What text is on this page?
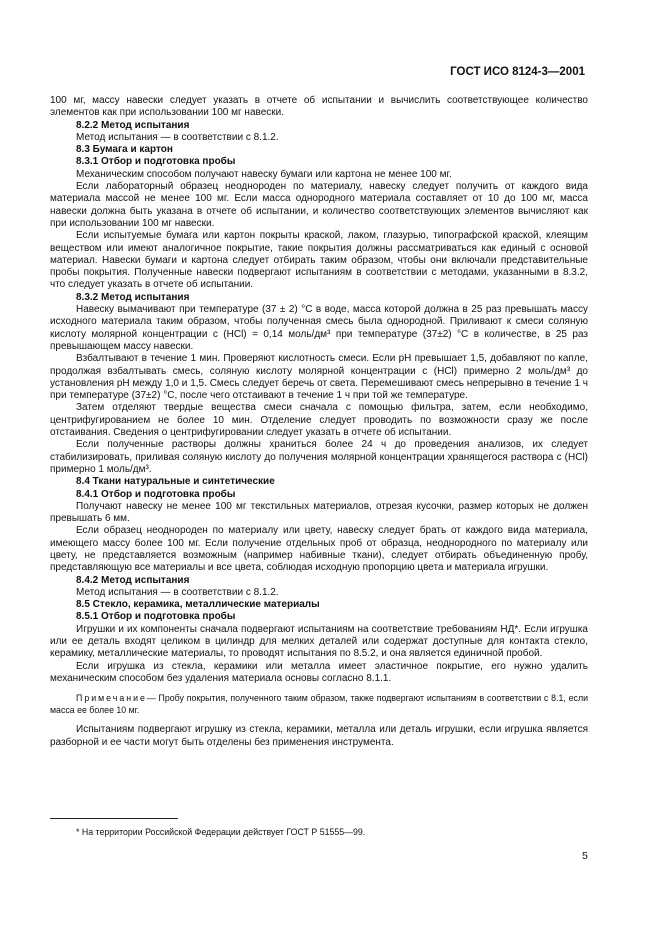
ГОСТ ИСО 8124-3—2001

100 мг, массу навески следует указать в отчете об испытании и вычислить соответствующее количество элементов как при использовании 100 мг навески.

8.2.2 Метод испытания

Метод испытания — в соответствии с 8.1.2.

8.3 Бумага и картон

8.3.1 Отбор и подготовка пробы

Механическим способом получают навеску бумаги или картона не менее 100 мг.

Если лабораторный образец неоднороден по материалу, навеску следует получить от каждого вида материала массой не менее 100 мг. Если масса однородного материала составляет от 10 до 100 мг, масса навески должна быть указана в отчете об испытании, и количество соответствующих элементов вычисляют как при использовании 100 мг навески.

Если испытуемые бумага или картон покрыты краской, лаком, глазурью, типографской краской, клеящим веществом или имеют аналогичное покрытие, такие покрытия должны рассматриваться как единый с основой материал. Навески бумаги и картона следует отбирать таким образом, чтобы они включали представительные пробы покрытия. Полученные навески подвергают испытаниям в соответствии с методами, указанными в 8.3.2, что следует указать в отчете об испытании.

8.3.2 Метод испытания

Навеску вымачивают при температуре (37 ± 2) °С в воде, масса которой должна в 25 раз превышать массу исходного материала таким образом, чтобы полученная смесь была однородной. Приливают к смеси соляную кислоту молярной концентрации с (HCl) = 0,14 моль/дм³ при температуре (37±2) °С в количестве, в 25 раз превышающем массу навески.

Взбалтывают в течение 1 мин. Проверяют кислотность смеси. Если рН превышает 1,5, добавляют по капле, продолжая взбалтывать смесь, соляную кислоту молярной концентрации с (HCl) примерно 2 моль/дм³ до установления рН между 1,0 и 1,5. Смесь следует беречь от света. Перемешивают смесь непрерывно в течение 1 ч при температуре (37±2) °С, после чего отстаивают в течение 1 ч при той же температуре.

Затем отделяют твердые вещества смеси сначала с помощью фильтра, затем, если необходимо, центрифугированием не более 10 мин. Отделение следует проводить по возможности сразу же после отстаивания. Сведения о центрифугировании следует указать в отчете об испытании.

Если полученные растворы должны храниться более 24 ч до проведения анализов, их следует стабилизировать, приливая соляную кислоту до получения молярной концентрации хранящегося раствора с (HCl) примерно 1 моль/дм³.

8.4 Ткани натуральные и синтетические

8.4.1 Отбор и подготовка пробы

Получают навеску не менее 100 мг текстильных материалов, отрезая кусочки, размер которых не должен превышать 6 мм.

Если образец неоднороден по материалу или цвету, навеску следует брать от каждого вида материала, имеющего массу более 100 мг. Если получение отдельных проб от образца, неоднородного по материалу или цвету, не представляется возможным (например набивные ткани), следует отбирать объединенную пробу, представляющую все материалы и все цвета, соблюдая исходную пропорцию цвета и материала игрушки.

8.4.2 Метод испытания

Метод испытания — в соответствии с 8.1.2.

8.5 Стекло, керамика, металлические материалы

8.5.1 Отбор и подготовка пробы

Игрушки и их компоненты сначала подвергают испытаниям на соответствие требованиям НД*. Если игрушка или ее деталь входят целиком в цилиндр для мелких деталей или содержат доступные для контакта стекло, керамику, металлические материалы, то проводят испытания по 8.5.2, и она является единичной пробой.

Если игрушка из стекла, керамики или металла имеет эластичное покрытие, его нужно удалить механическим способом без удаления материала основы согласно 8.1.1.

Примечание— Пробу покрытия, полученного таким образом, также подвергают испытаниям в соответствии с 8.1, если масса ее более 10 мг.

Испытаниям подвергают игрушку из стекла, керамики, металла или деталь игрушки, если игрушка является разборной и ее части могут быть отделены без применения инструмента.

* На территории Российской Федерации действует ГОСТ Р 51555—99.
5
